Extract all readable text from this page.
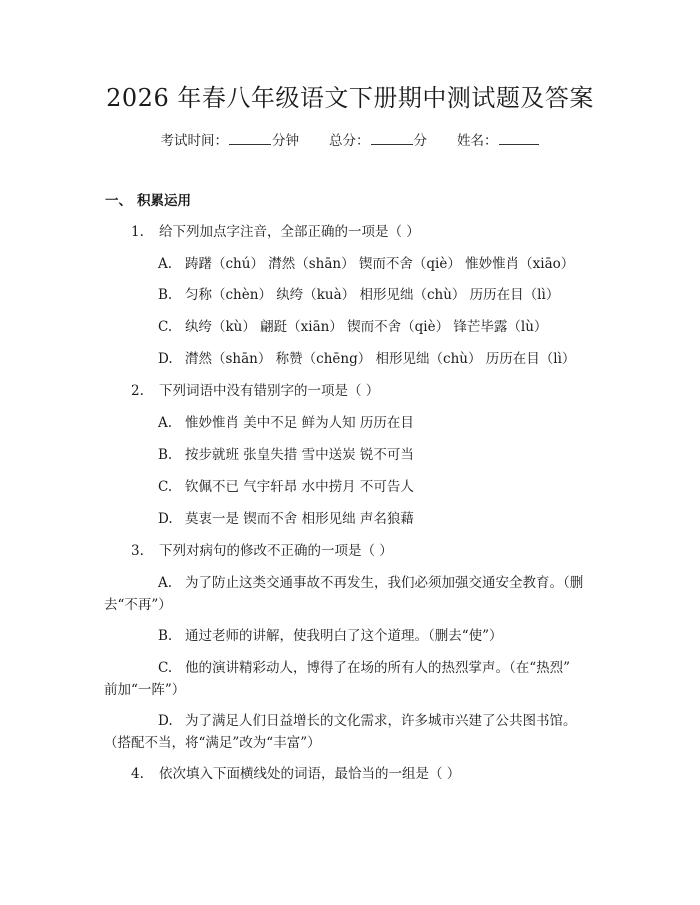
2026 年春八年级语文下册期中测试题及答案
考试时间：	分钟 总分：	分 姓名：
一、 积累运用
1. 给下列加点字注音，全部正确的一项是（ ）
A. 踌躇（chú） 潸然（shān） 锲而不舍（qiè） 惟妙惟肖（xiāo）
B. 匀称（chèn） 纨绔（kuà） 相形见绌（chù） 历历在目（lì）
C. 纨绔（kù） 翩跹（xiān） 锲而不舍（qiè） 锋芒毕露（lù）
D. 潸然（shān） 称赞（chēng） 相形见绌（chù） 历历在目（lì）
2. 下列词语中没有错别字的一项是（ ）
A. 惟妙惟肖 美中不足 鲜为人知 历历在目
B. 按步就班 张皇失措 雪中送炭 锐不可当
C. 钦佩不已 气宇轩昂 水中捞月 不可告人
D. 莫衷一是 锲而不舍 相形见绌 声名狼藉
3. 下列对病句的修改不正确的一项是（ ）
A. 为了防止这类交通事故不再发生，我们必须加强交通安全教育。（删
去“不再”）
B. 通过老师的讲解，使我明白了这个道理。（删去“使”）
C. 他的演讲精彩动人，博得了在场的所有人的热烈掌声。（在“热烈”
前加“一阵”）
D. 为了满足人们日益增长的文化需求，许多城市兴建了公共图书馆。
（搭配不当，将“满足”改为“丰富”）
4. 依次填入下面横线处的词语，最恰当的一组是（ ）
